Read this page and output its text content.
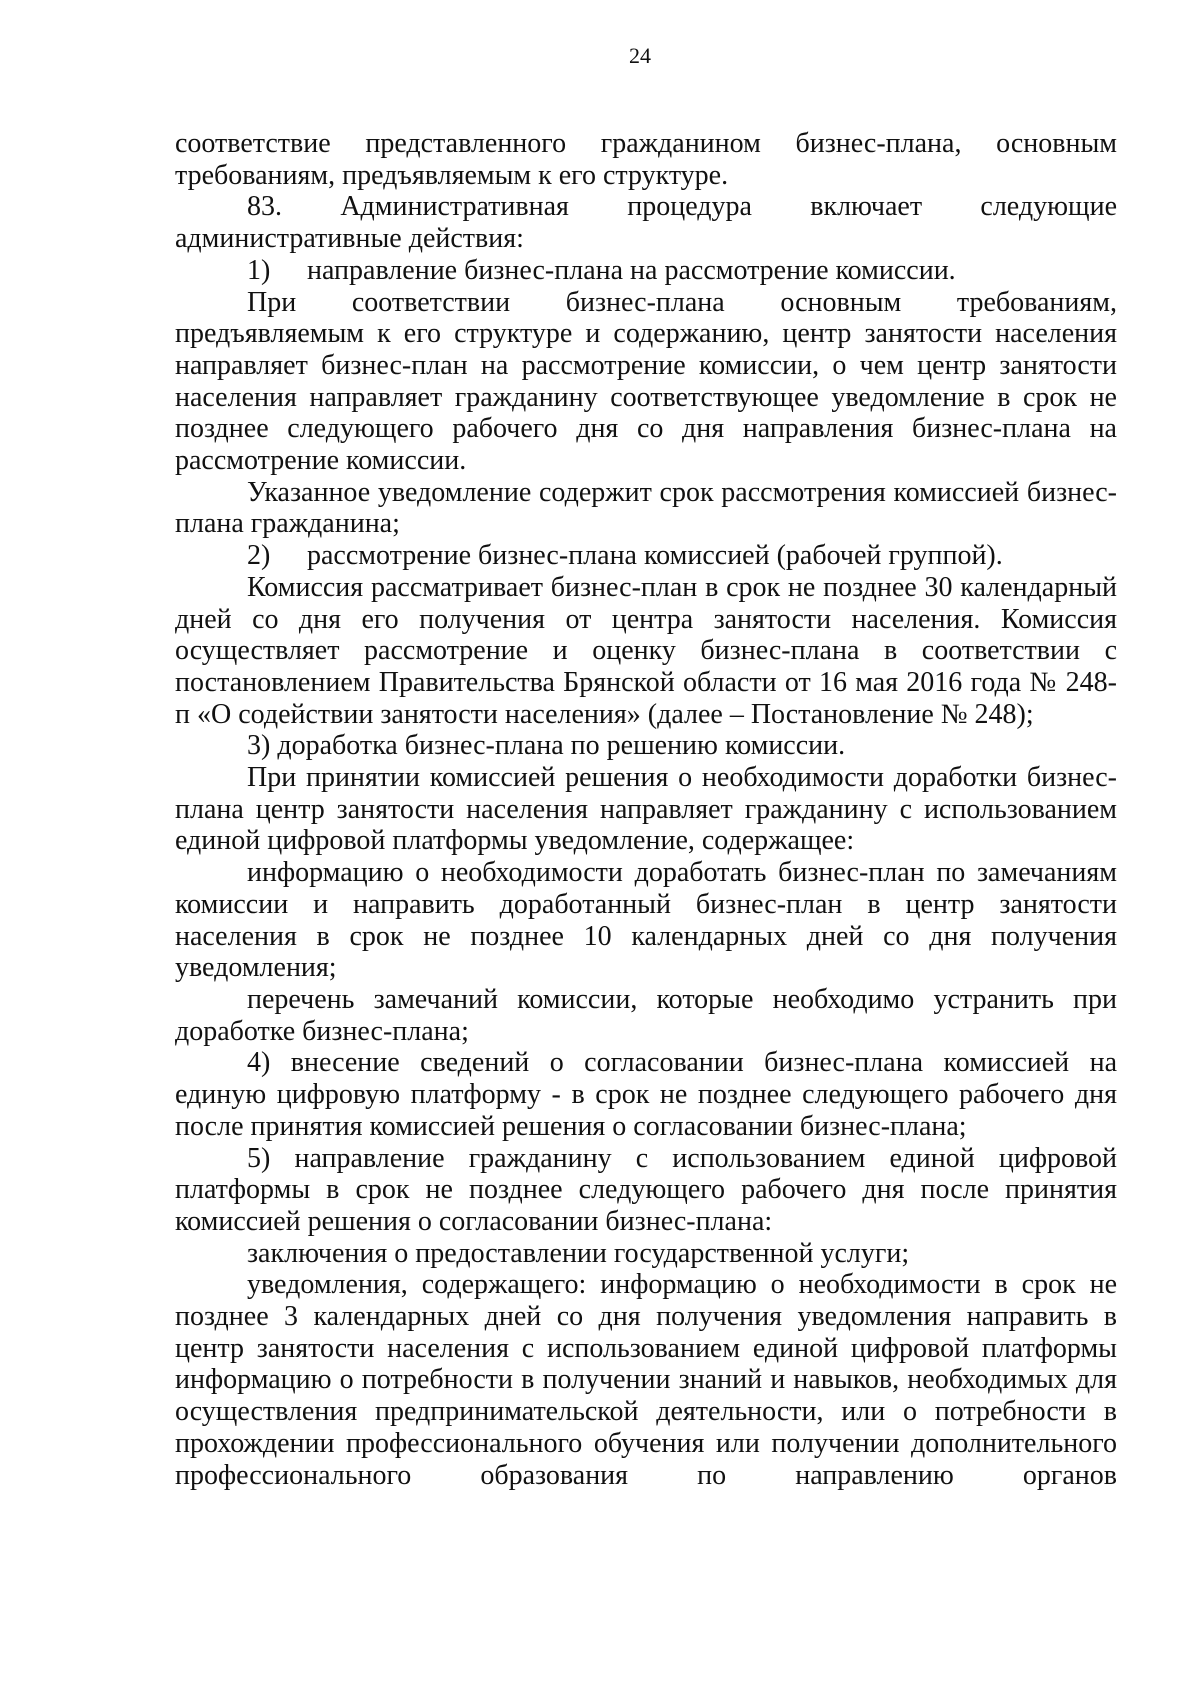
24

соответствие представленного гражданином бизнес-плана, основным требованиям, предъявляемым к его структуре.

83. Административная процедура включает следующие административные действия:

1)	направление бизнес-плана на рассмотрение комиссии.

При соответствии бизнес-плана основным требованиям, предъявляемым к его структуре и содержанию, центр занятости населения направляет бизнес-план на рассмотрение комиссии, о чем центр занятости населения направляет гражданину соответствующее уведомление в срок не позднее следующего рабочего дня со дня направления бизнес-плана на рассмотрение комиссии.

Указанное уведомление содержит срок рассмотрения комиссией бизнес-плана гражданина;

2)	рассмотрение бизнес-плана комиссией (рабочей группой).

Комиссия рассматривает бизнес-план в срок не позднее 30 календарный дней со дня его получения от центра занятости населения. Комиссия осуществляет рассмотрение и оценку бизнес-плана в соответствии с постановлением Правительства Брянской области от 16 мая 2016 года № 248-п «О содействии занятости населения» (далее – Постановление № 248);

3) доработка бизнес-плана по решению комиссии.

При принятии комиссией решения о необходимости доработки бизнес-плана центр занятости населения направляет гражданину с использованием единой цифровой платформы уведомление, содержащее:

информацию о необходимости доработать бизнес-план по замечаниям комиссии и направить доработанный бизнес-план в центр занятости населения в срок не позднее 10 календарных дней со дня получения уведомления;

перечень замечаний комиссии, которые необходимо устранить при доработке бизнес-плана;

4) внесение сведений о согласовании бизнес-плана комиссией на единую цифровую платформу - в срок не позднее следующего рабочего дня после принятия комиссией решения о согласовании бизнес-плана;

5) направление гражданину с использованием единой цифровой платформы в срок не позднее следующего рабочего дня после принятия комиссией решения о согласовании бизнес-плана:

заключения о предоставлении государственной услуги;

уведомления, содержащего: информацию о необходимости в срок не позднее 3 календарных дней со дня получения уведомления направить в центр занятости населения с использованием единой цифровой платформы информацию о потребности в получении знаний и навыков, необходимых для осуществления предпринимательской деятельности, или о потребности в прохождении профессионального обучения или получении дополнительного профессионального образования по направлению органов
